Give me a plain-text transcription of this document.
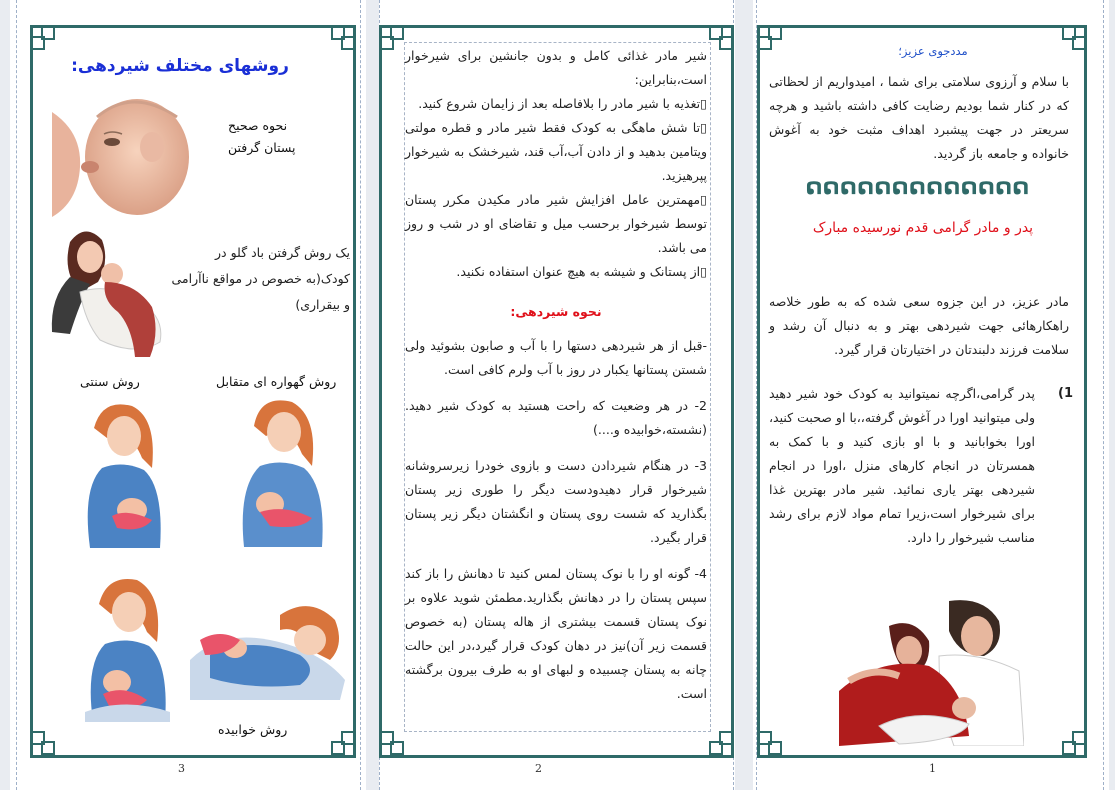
روشهای مختلف شیردهی:
نحوه صحیح
پستان گرفتن
یک روش گرفتن باد گلو در کودک(به خصوص در مواقع ناآرامی و بیقراری)
روش گهواره ای متقابل
روش سنتی
روش خوابیده
3

شیر مادر غذائی کامل و بدون جانشین برای شیرخوار است،بنابراین:

▯تغذیه با شیر مادر را بلافاصله بعد از زایمان شروع کنید.

▯تا شش ماهگی به کودک فقط شیر مادر و قطره مولتی ویتامین بدهید و از دادن آب،آب قند، شیرخشک به شیرخوار پپرهیزید.

▯مهمترین عامل افزایش شیر مادر مکیدن مکرر پستان توسط شیرخوار برحسب میل و تقاضای او در شب و روز می باشد.

▯از پستانک و شیشه به هیچ عنوان استفاده نکنید.

نحوه شیردهی:

-قبل از هر شیردهی دستها را با آب و صابون بشوئید ولی شستن پستانها یکبار در روز با آب ولرم کافی است.

2- در هر وضعیت که راحت هستید به کودک شیر دهید.(نشسته،خوابیده و....)

3- در هنگام شیردادن دست و بازوی خودرا زیرسروشانه شیرخوار قرار دهیدودست دیگر را طوری زیر پستان بگذارید که شست روی پستان و انگشتان دیگر زیر پستان قرار بگیرد.

4- گونه او را با نوک پستان لمس کنید تا دهانش را باز کند سپس پستان را در دهانش بگذارید.مطمئن شوید علاوه بر نوک پستان قسمت بیشتری از هاله پستان (به خصوص قسمت زیر آن)نیز در دهان کودک قرار گیرد،در این حالت چانه به پستان چسبیده و لبهای او به طرف بیرون برگشته است.

2
مددجوی عزیز؛
با سلام و آرزوی سلامتی برای شما ، امیدواریم از لحظاتی که در کنار شما بودیم رضایت کافی داشته باشید و هرچه سریعتر در جهت پیشبرد اهداف مثبت خود به آغوش خانواده و جامعه باز گردید.
ດດດດດດດດດດດດດ
پدر و مادر گرامی قدم نورسیده مبارک
مادر عزیز، در این جزوه سعی شده که به طور خلاصه راهکارهائی جهت شیردهی بهتر و به دنبال آن رشد و سلامت فرزند دلبندتان در اختیارتان قرار گیرد.
1)
پدر گرامی،اگرچه نمیتوانید به کودک خود شیر دهید ولی میتوانید اورا در آغوش گرفته،،با او صحبت کنید، اورا بخوابانید و با او بازی کنید و با کمک به همسرتان در انجام کارهای منزل ،اورا در انجام شیردهی بهتر یاری نمائید. شیر مادر بهترین غذا برای شیرخوار است،زیرا تمام مواد لازم برای رشد مناسب شیرخوار را دارد.
1
